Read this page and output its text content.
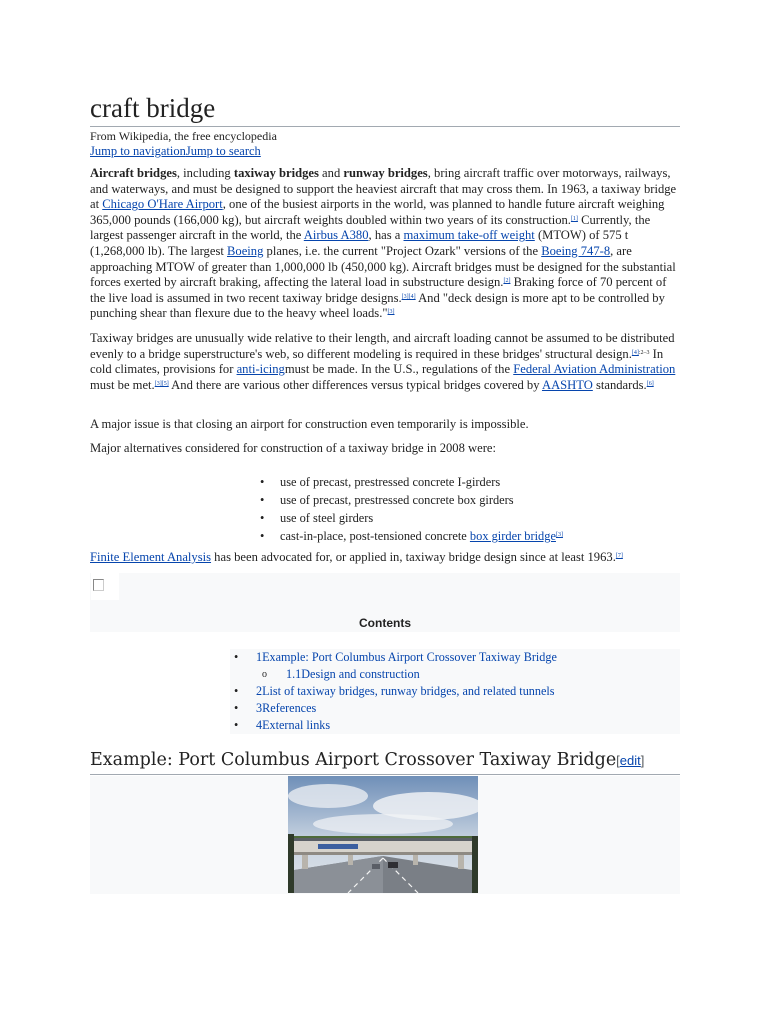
craft bridge
From Wikipedia, the free encyclopedia
Jump to navigationJump to search

Aircraft bridges, including taxiway bridges and runway bridges, bring aircraft traffic over motorways, railways, and waterways, and must be designed to support the heaviest aircraft that may cross them. In 1963, a taxiway bridge at Chicago O'Hare Airport, one of the busiest airports in the world, was planned to handle future aircraft weighing 365,000 pounds (166,000 kg), but aircraft weights doubled within two years of its construction.[1] Currently, the largest passenger aircraft in the world, the Airbus A380, has a maximum take-off weight (MTOW) of 575 t (1,268,000 lb). The largest Boeing planes, i.e. the current "Project Ozark" versions of the Boeing 747-8, are approaching MTOW of greater than 1,000,000 lb (450,000 kg). Aircraft bridges must be designed for the substantial forces exerted by aircraft braking, affecting the lateral load in substructure design.[2] Braking force of 70 percent of the live load is assumed in two recent taxiway bridge designs.[3][4] And "deck design is more apt to be controlled by punching shear than flexure due to the heavy wheel loads."[3]

Taxiway bridges are unusually wide relative to their length, and aircraft loading cannot be assumed to be distributed evenly to a bridge superstructure's web, so different modeling is required in these bridges' structural design.$^{[4]:2-3}$ In cold climates, provisions for anti-icingmust be made. In the U.S., regulations of the Federal Aviation Administration must be met.[3][5] And there are various other differences versus typical bridges covered by AASHTO standards.[6]

A major issue is that closing an airport for construction even temporarily is impossible.

Major alternatives considered for construction of a taxiway bridge in 2008 were:

• use of precast, prestressed concrete I-girders
• use of precast, prestressed concrete box girders
• use of steel girders
• cast-in-place, post-tensioned concrete box girder bridge[3]

Finite Element Analysis has been advocated for, or applied in, taxiway bridge design since at least 1963.[7]

Contents
• 1Example: Port Columbus Airport Crossover Taxiway Bridge
o 1.1Design and construction
• 2List of taxiway bridges, runway bridges, and related tunnels
• 3References
• 4External links
Example: Port Columbus Airport Crossover Taxiway Bridge[edit]
